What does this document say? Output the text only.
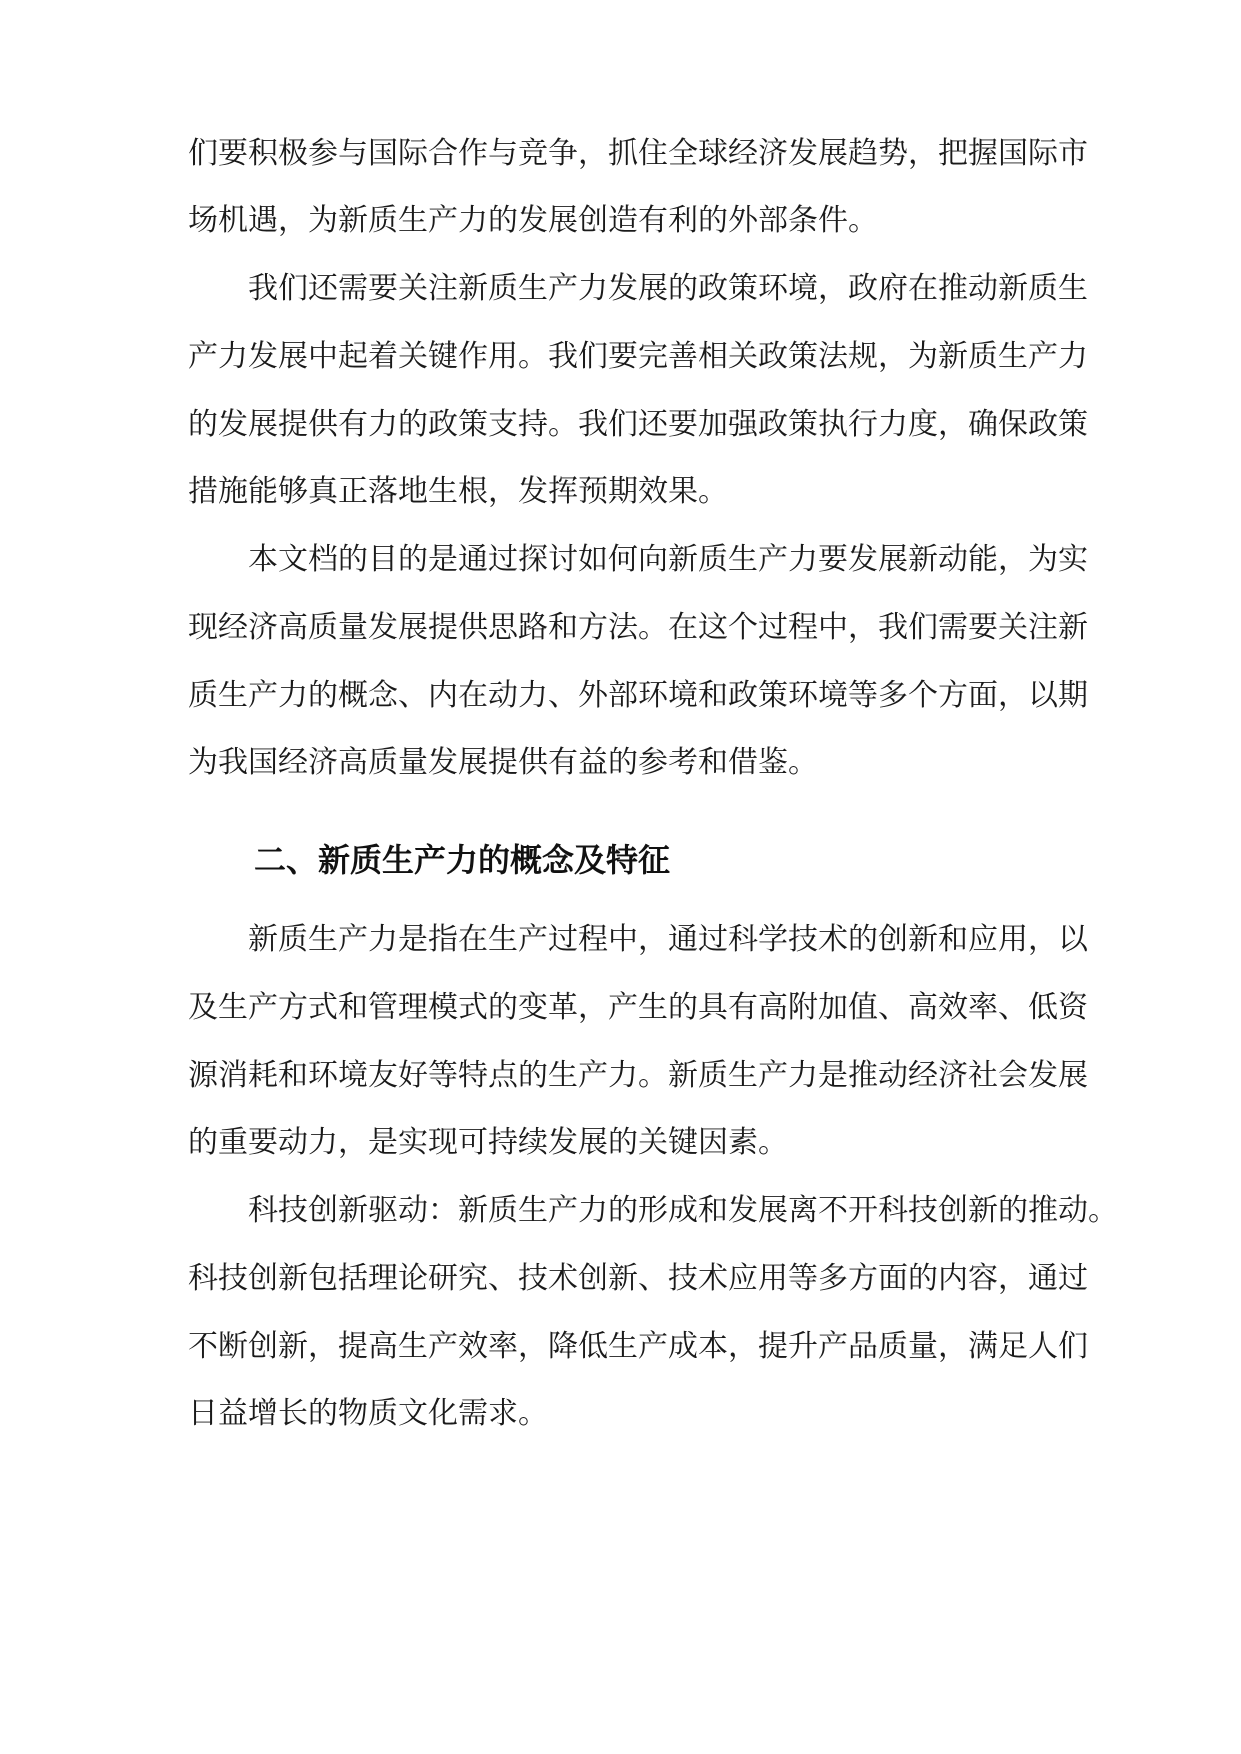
们要积极参与国际合作与竞争，抓住全球经济发展趋势，把握国际市
场机遇，为新质生产力的发展创造有利的外部条件。
我们还需要关注新质生产力发展的政策环境，政府在推动新质生
产力发展中起着关键作用。我们要完善相关政策法规，为新质生产力
的发展提供有力的政策支持。我们还要加强政策执行力度，确保政策
措施能够真正落地生根，发挥预期效果。
本文档的目的是通过探讨如何向新质生产力要发展新动能，为实
现经济高质量发展提供思路和方法。在这个过程中，我们需要关注新
质生产力的概念、内在动力、外部环境和政策环境等多个方面，以期
为我国经济高质量发展提供有益的参考和借鉴。
二、新质生产力的概念及特征
新质生产力是指在生产过程中，通过科学技术的创新和应用，以
及生产方式和管理模式的变革，产生的具有高附加值、高效率、低资
源消耗和环境友好等特点的生产力。新质生产力是推动经济社会发展
的重要动力，是实现可持续发展的关键因素。
科技创新驱动：新质生产力的形成和发展离不开科技创新的推动。
科技创新包括理论研究、技术创新、技术应用等多方面的内容，通过
不断创新，提高生产效率，降低生产成本，提升产品质量，满足人们
日益增长的物质文化需求。
